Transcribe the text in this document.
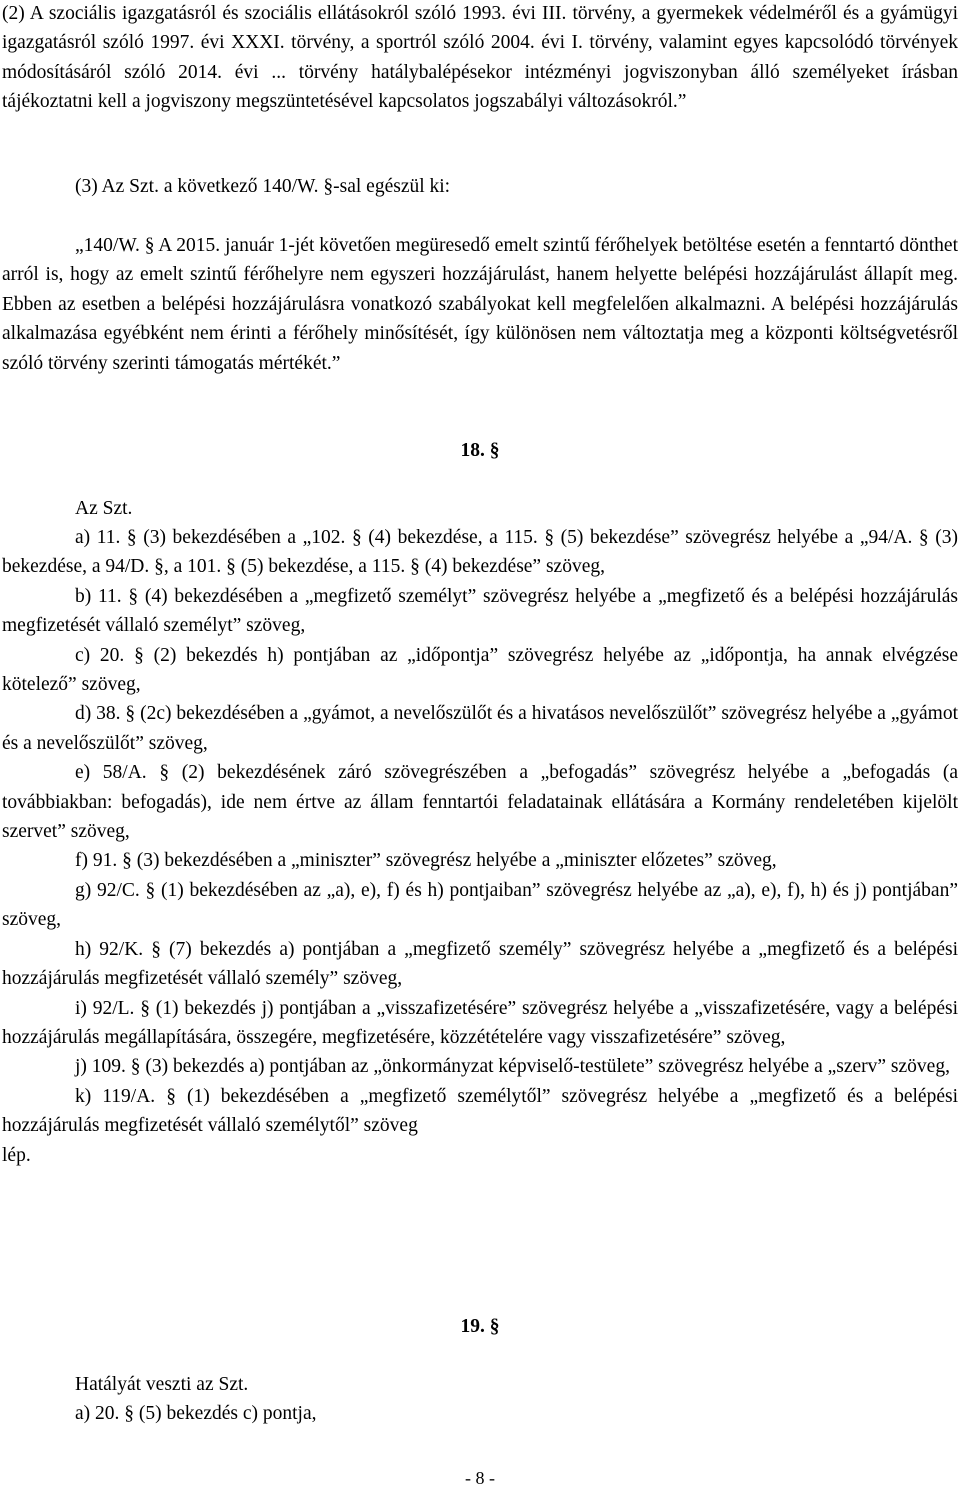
(2) A szociális igazgatásról és szociális ellátásokról szóló 1993. évi III. törvény, a gyermekek védelméről és a gyámügyi igazgatásról szóló 1997. évi XXXI. törvény, a sportról szóló 2004. évi I. törvény, valamint egyes kapcsolódó törvények módosításáról szóló 2014. évi ... törvény hatálybalépésekor intézményi jogviszonyban álló személyeket írásban tájékoztatni kell a jogviszony megszüntetésével kapcsolatos jogszabályi változásokról.”

(3) Az Szt. a következő 140/W. §-sal egészül ki:

„140/W. § A 2015. január 1-jét követően megüresedő emelt szintű férőhelyek betöltése esetén a fenntartó dönthet arról is, hogy az emelt szintű férőhelyre nem egyszeri hozzájárulást, hanem helyette belépési hozzájárulást állapít meg. Ebben az esetben a belépési hozzájárulásra vonatkozó szabályokat kell megfelelően alkalmazni. A belépési hozzájárulás alkalmazása egyébként nem érinti a férőhely minősítését, így különösen nem változtatja meg a központi költségvetésről szóló törvény szerinti támogatás mértékét.”

18. §

Az Szt.

a) 11. § (3) bekezdésében a „102. § (4) bekezdése, a 115. § (5) bekezdése” szövegrész helyébe a „94/A. § (3) bekezdése, a 94/D. §, a 101. § (5) bekezdése, a 115. § (4) bekezdése” szöveg,

b) 11. § (4) bekezdésében a „megfizető személyt” szövegrész helyébe a „megfizető és a belépési hozzájárulás megfizetését vállaló személyt” szöveg,

c) 20. § (2) bekezdés h) pontjában az „időpontja” szövegrész helyébe az „időpontja, ha annak elvégzése kötelező” szöveg,

d) 38. § (2c) bekezdésében a „gyámot, a nevelőszülőt és a hivatásos nevelőszülőt” szövegrész helyébe a „gyámot és a nevelőszülőt” szöveg,

e) 58/A. § (2) bekezdésének záró szövegrészében a „befogadás” szövegrész helyébe a „befogadás (a továbbiakban: befogadás), ide nem értve az állam fenntartói feladatainak ellátására a Kormány rendeletében kijelölt szervet” szöveg,

f) 91. § (3) bekezdésében a „miniszter” szövegrész helyébe a „miniszter előzetes” szöveg,

g) 92/C. § (1) bekezdésében az „a), e), f) és h) pontjaiban” szövegrész helyébe az „a), e), f), h) és j) pontjában” szöveg,

h) 92/K. § (7) bekezdés a) pontjában a „megfizető személy” szövegrész helyébe a „megfizető és a belépési hozzájárulás megfizetését vállaló személy” szöveg,

i) 92/L. § (1) bekezdés j) pontjában a „visszafizetésére” szövegrész helyébe a „visszafizetésére, vagy a belépési hozzájárulás megállapítására, összegére, megfizetésére, közzétételére vagy visszafizetésére” szöveg,

j) 109. § (3) bekezdés a) pontjában az „önkormányzat képviselő-testülete” szövegrész helyébe a „szerv” szöveg,

k) 119/A. § (1) bekezdésében a „megfizető személytől” szövegrész helyébe a „megfizető és a belépési hozzájárulás megfizetését vállaló személytől” szöveg

lép.

19. §

Hatályát veszti az Szt.

a) 20. § (5) bekezdés c) pontja,

- 8 -
